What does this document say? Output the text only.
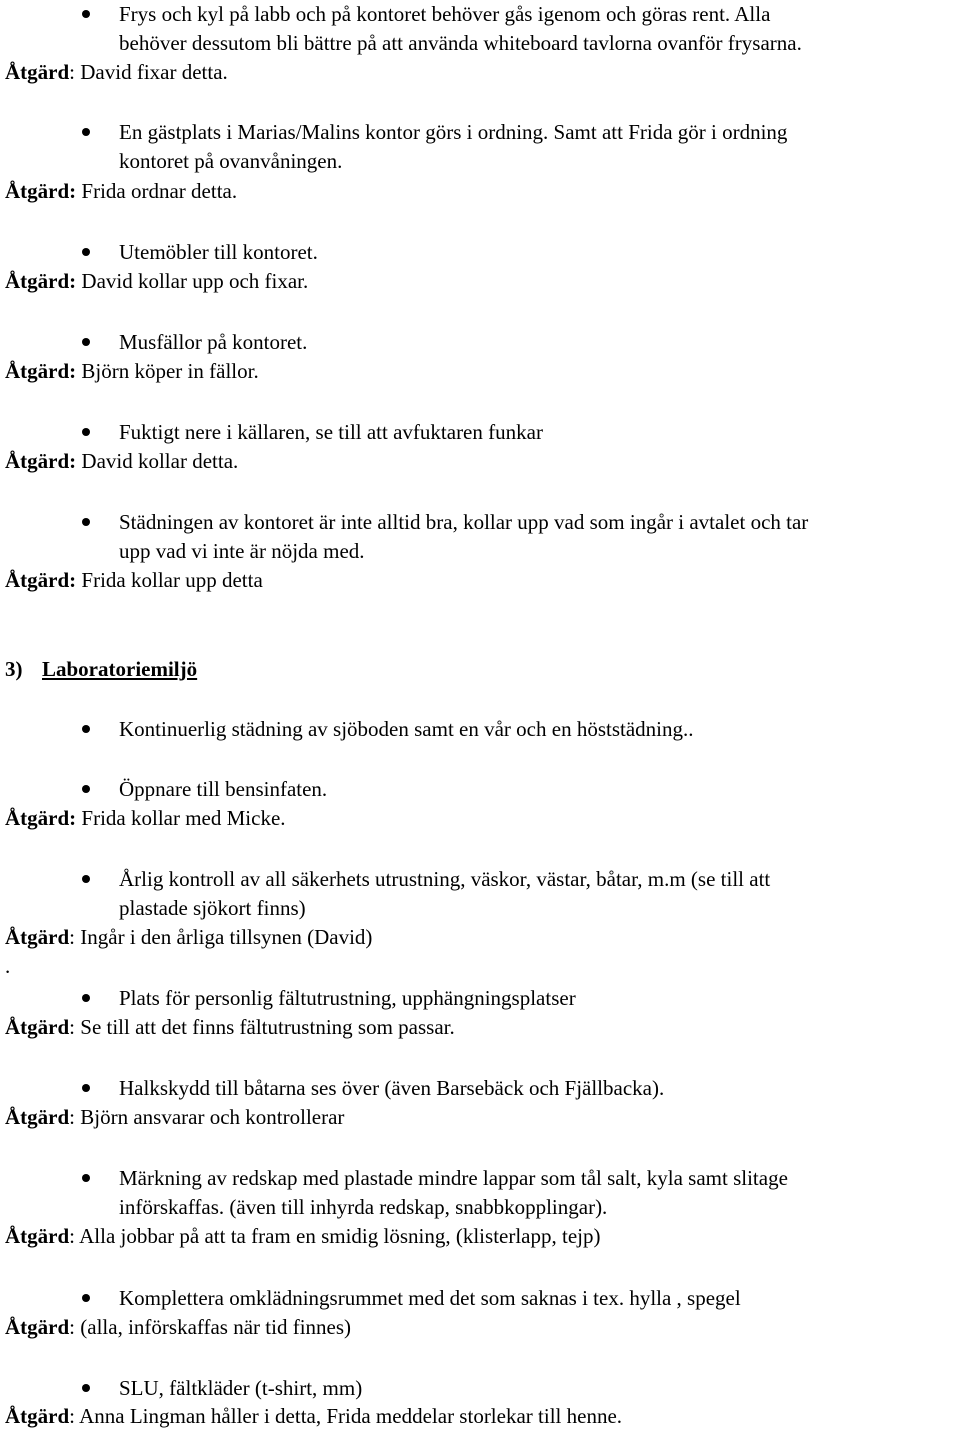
Frys och kyl på labb och på kontoret behöver gås igenom och göras rent. Alla
behöver dessutom bli bättre på att använda whiteboard tavlorna ovanför frysarna.
Åtgärd: David fixar detta.
En gästplats i Marias/Malins kontor görs i ordning. Samt att Frida gör i ordning
kontoret på ovanvåningen.
Åtgärd: Frida ordnar detta.
Utemöbler till kontoret.
Åtgärd: David kollar upp och fixar.
Musfällor på kontoret.
Åtgärd: Björn köper in fällor.
Fuktigt nere i källaren, se till att avfuktaren funkar
Åtgärd: David kollar detta.
Städningen av kontoret är inte alltid bra, kollar upp vad som ingår i avtalet och tar
upp vad vi inte är nöjda med.
Åtgärd: Frida kollar upp detta
3) Laboratoriemiljö
Kontinuerlig städning av sjöboden samt en vår och en höststädning..
Öppnare till bensinfaten.
Åtgärd: Frida kollar med Micke.
Årlig kontroll av all säkerhets utrustning, väskor, västar, båtar, m.m (se till att
plastade sjökort finns)
Åtgärd: Ingår i den årliga tillsynen (David)
.
Plats för personlig fältutrustning, upphängningsplatser
Åtgärd: Se till att det finns fältutrustning som passar.
Halkskydd till båtarna ses över (även Barsebäck och Fjällbacka).
Åtgärd: Björn ansvarar och kontrollerar
Märkning av redskap med plastade mindre lappar som tål salt, kyla samt slitage
införskaffas. (även till inhyrda redskap, snabbkopplingar).
Åtgärd: Alla jobbar på att ta fram en smidig lösning, (klisterlapp, tejp)
Komplettera omklädningsrummet med det som saknas i tex. hylla , spegel
Åtgärd: (alla, införskaffas när tid finnes)
SLU, fältkläder (t-shirt, mm)
Åtgärd: Anna Lingman håller i detta, Frida meddelar storlekar till henne.
